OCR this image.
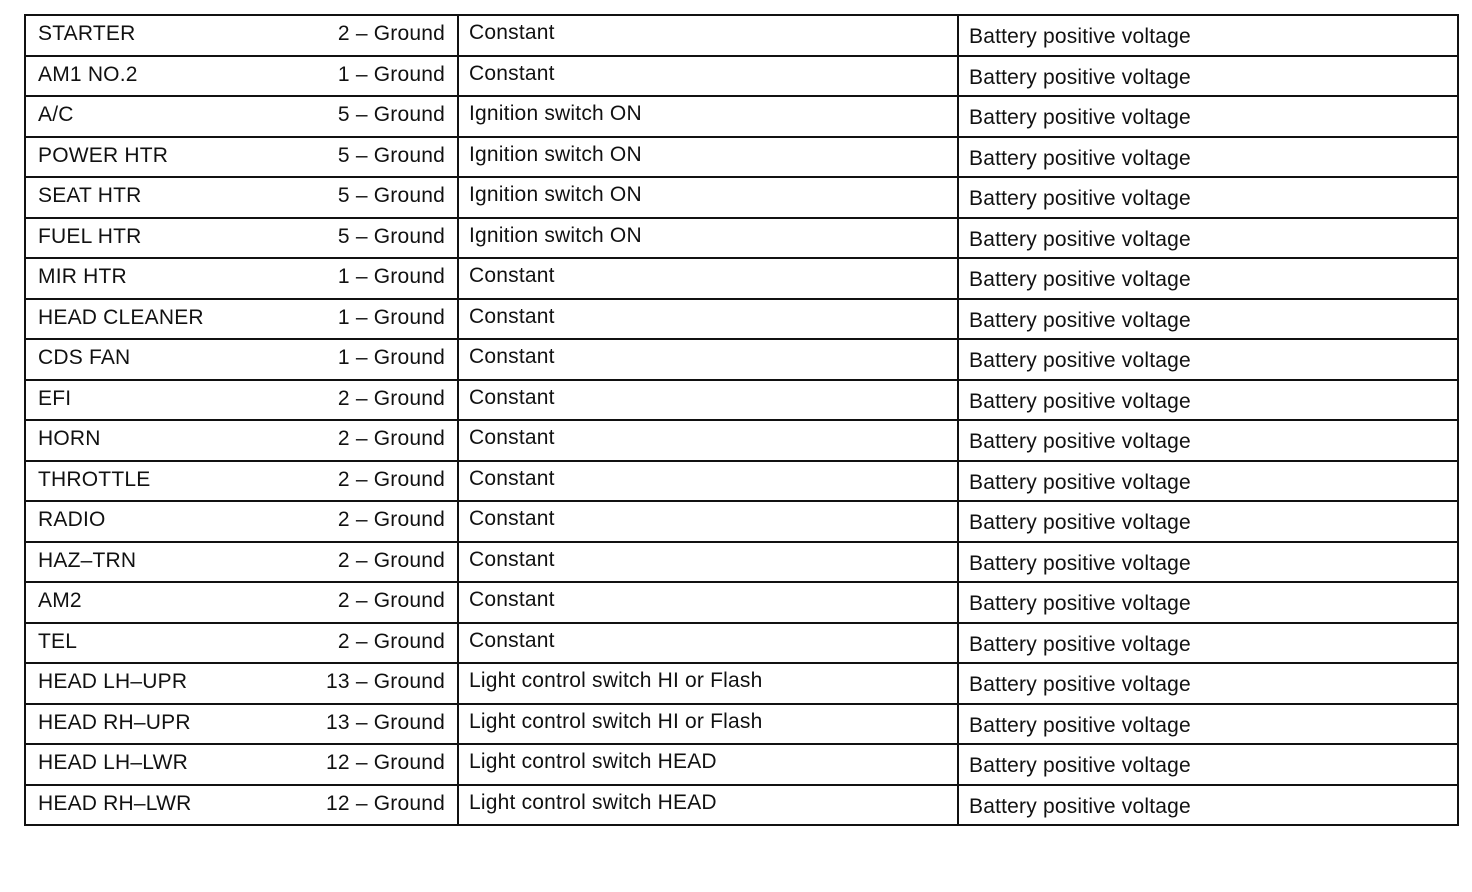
STARTER 2 – Ground	Constant	Battery positive voltage

AM1 NO.2 1 – Ground	Constant	Battery positive voltage

A/C 5 – Ground	Ignition switch ON	Battery positive voltage

POWER HTR 5 – Ground	Ignition switch ON	Battery positive voltage

SEAT HTR 5 – Ground	Ignition switch ON	Battery positive voltage

FUEL HTR 5 – Ground	Ignition switch ON	Battery positive voltage

MIR HTR 1 – Ground	Constant	Battery positive voltage

HEAD CLEANER 1 – Ground	Constant	Battery positive voltage

CDS FAN 1 – Ground	Constant	Battery positive voltage

EFI 2 – Ground	Constant	Battery positive voltage

HORN 2 – Ground	Constant	Battery positive voltage

THROTTLE 2 – Ground	Constant	Battery positive voltage

RADIO 2 – Ground	Constant	Battery positive voltage

HAZ–TRN 2 – Ground	Constant	Battery positive voltage

AM2 2 – Ground	Constant	Battery positive voltage

TEL 2 – Ground	Constant	Battery positive voltage

HEAD LH–UPR 13 – Ground	Light control switch HI or Flash	Battery positive voltage

HEAD RH–UPR 13 – Ground	Light control switch HI or Flash	Battery positive voltage

HEAD LH–LWR 12 – Ground	Light control switch HEAD	Battery positive voltage

HEAD RH–LWR 12 – Ground	Light control switch HEAD	Battery positive voltage
